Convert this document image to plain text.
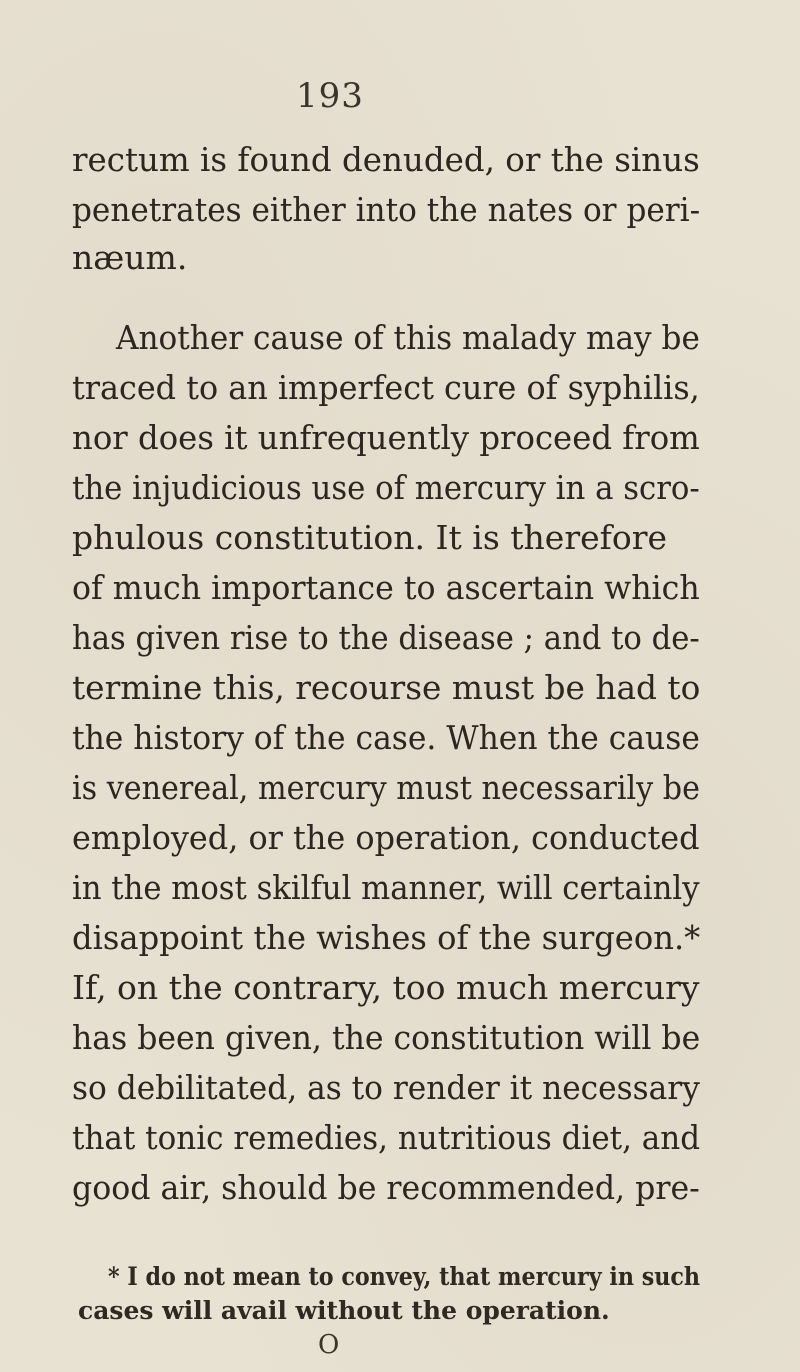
193
rectum is found denuded, or the sinus
penetrates either into the nates or peri-
næum.
Another cause of this malady may be
traced to an imperfect cure of syphilis,
nor does it unfrequently proceed from
the injudicious use of mercury in a scro-
phulous constitution. It is therefore
of much importance to ascertain which
has given rise to the disease ; and to de-
termine this, recourse must be had to
the history of the case. When the cause
is venereal, mercury must necessarily be
employed, or the operation, conducted
in the most skilful manner, will certainly
disappoint the wishes of the surgeon.*
If, on the contrary, too much mercury
has been given, the constitution will be
so debilitated, as to render it necessary
that tonic remedies, nutritious diet, and
good air, should be recommended, pre-
* I do not mean to convey, that mercury in such
cases will avail without the operation.
O
